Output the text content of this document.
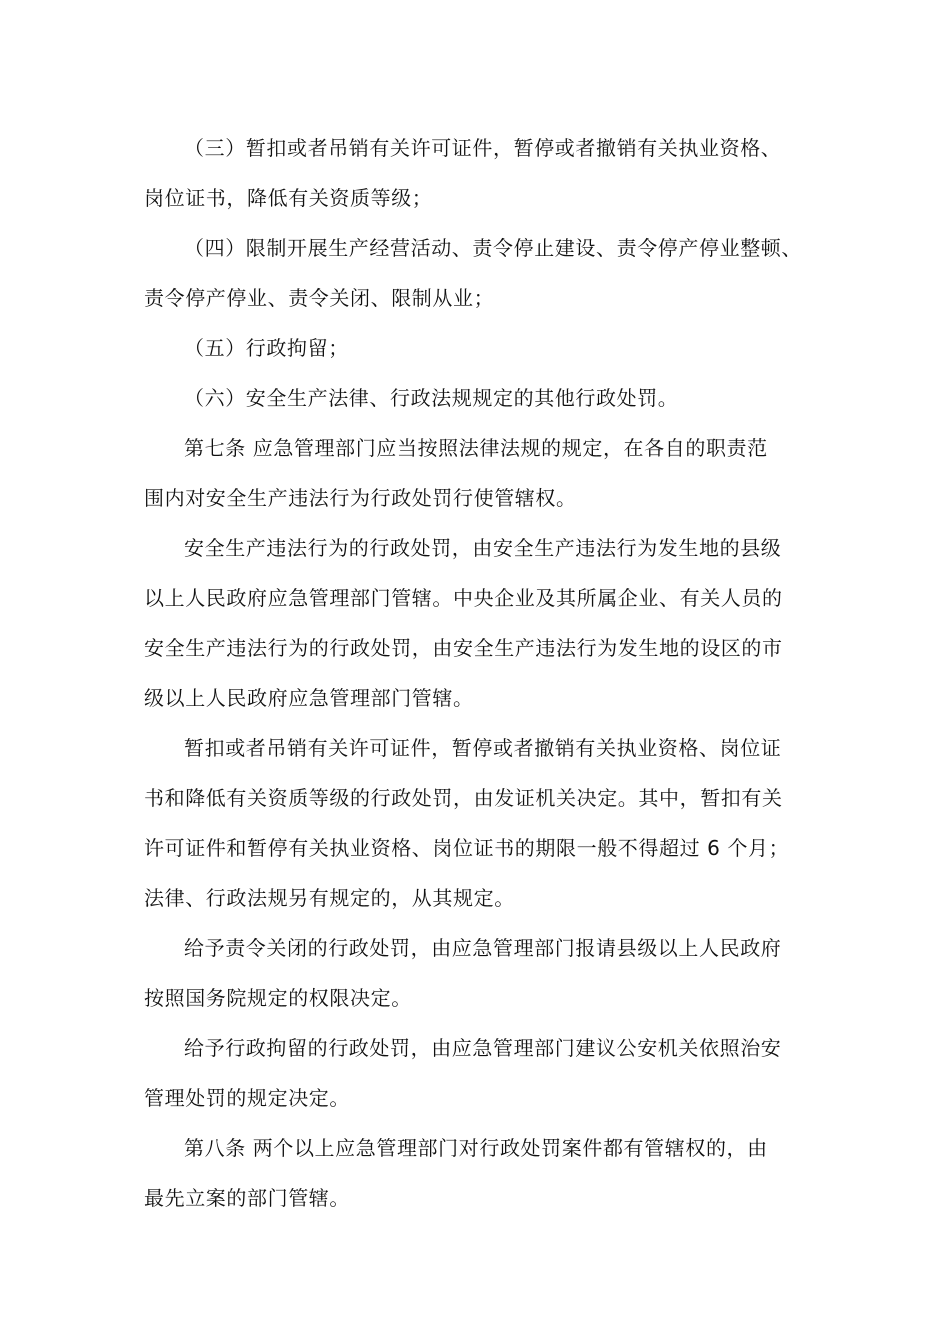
（三）暂扣或者吊销有关许可证件，暂停或者撤销有关执业资格、
岗位证书，降低有关资质等级；
（四）限制开展生产经营活动、责令停止建设、责令停产停业整顿、
责令停产停业、责令关闭、限制从业；
（五）行政拘留；
（六）安全生产法律、行政法规规定的其他行政处罚。
第七条 应急管理部门应当按照法律法规的规定，在各自的职责范
围内对安全生产违法行为行政处罚行使管辖权。
安全生产违法行为的行政处罚，由安全生产违法行为发生地的县级
以上人民政府应急管理部门管辖。中央企业及其所属企业、有关人员的
安全生产违法行为的行政处罚，由安全生产违法行为发生地的设区的市
级以上人民政府应急管理部门管辖。
暂扣或者吊销有关许可证件，暂停或者撤销有关执业资格、岗位证
书和降低有关资质等级的行政处罚，由发证机关决定。其中，暂扣有关
许可证件和暂停有关执业资格、岗位证书的期限一般不得超过 6 个月；
法律、行政法规另有规定的，从其规定。
给予责令关闭的行政处罚，由应急管理部门报请县级以上人民政府
按照国务院规定的权限决定。
给予行政拘留的行政处罚，由应急管理部门建议公安机关依照治安
管理处罚的规定决定。
第八条 两个以上应急管理部门对行政处罚案件都有管辖权的，由
最先立案的部门管辖。
